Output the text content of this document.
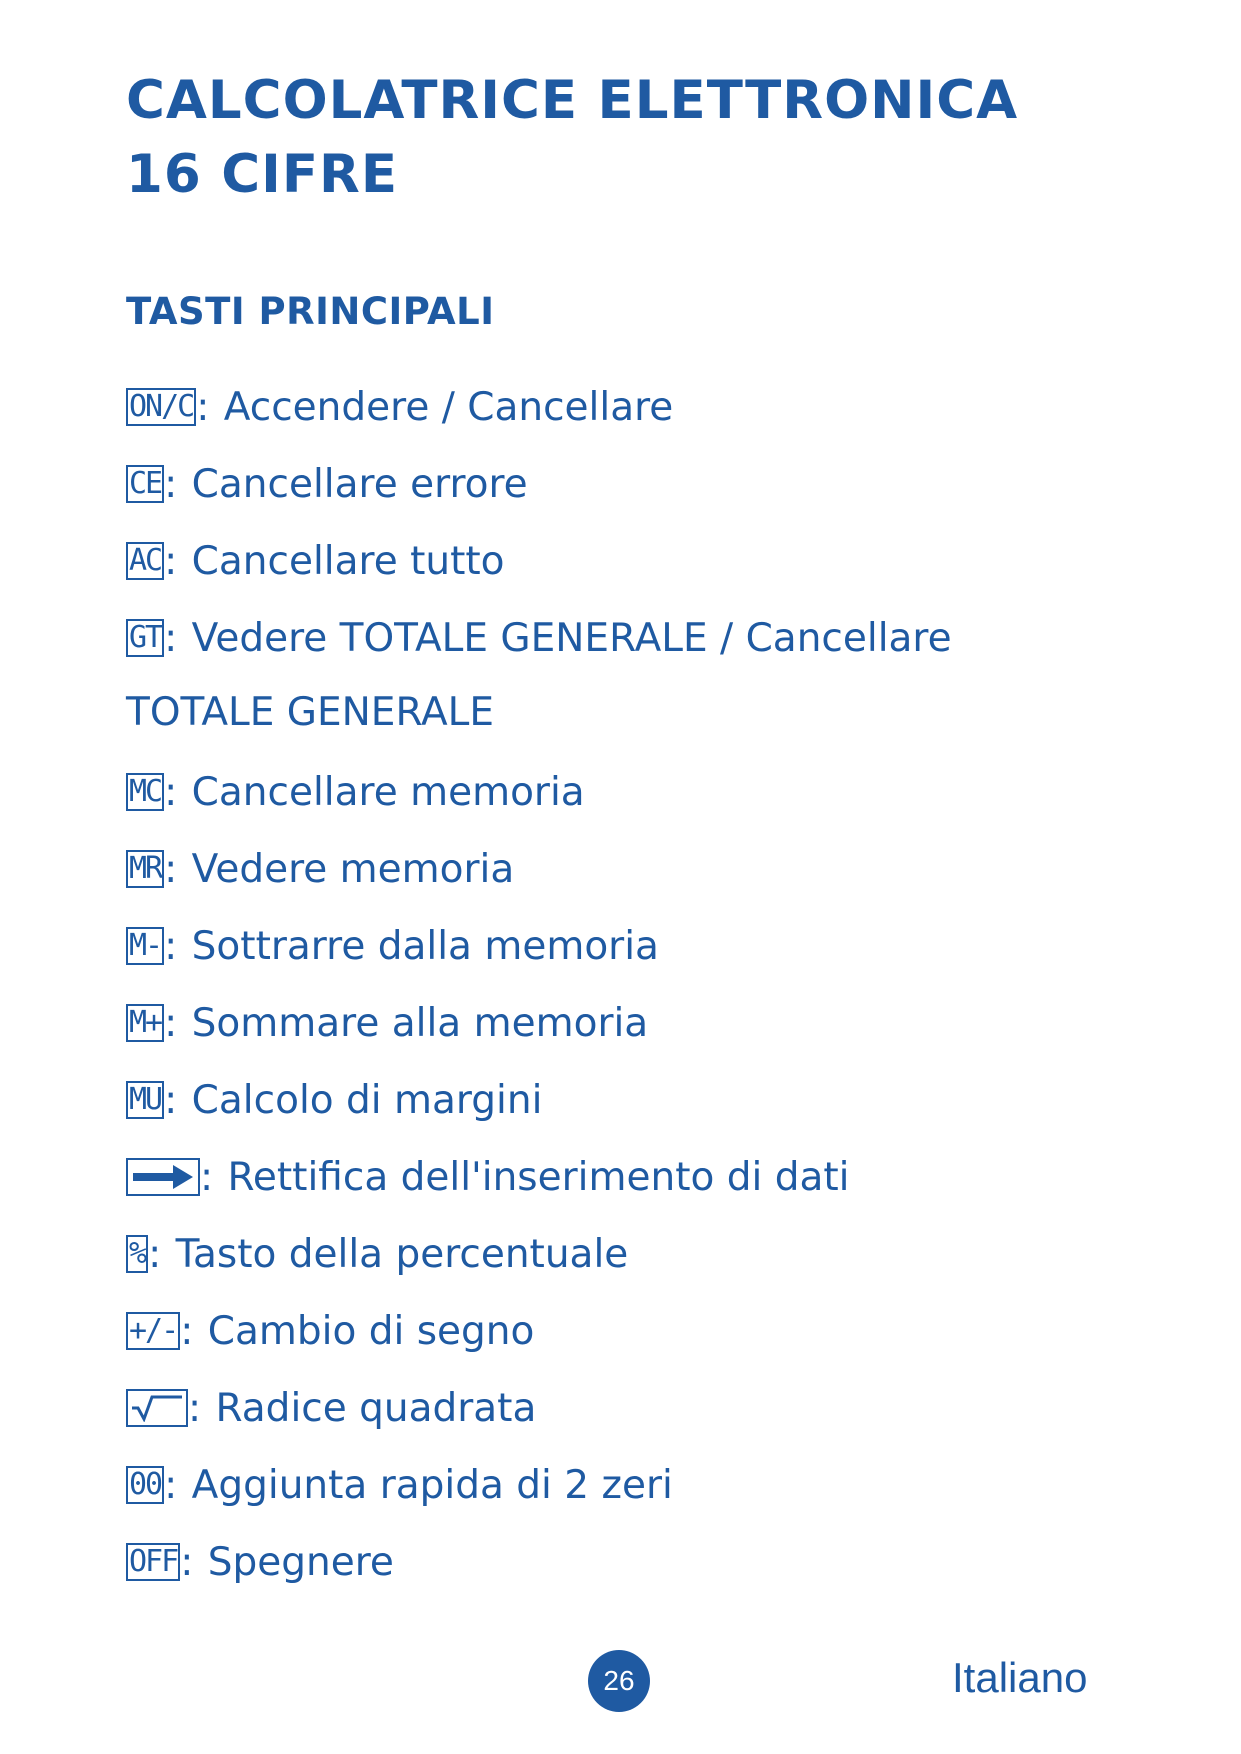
CALCOLATRICE ELETTRONICA
16 CIFRE
TASTI PRINCIPALI
ON/C :
Accendere / Cancellare
CE :
Cancellare errore
AC :
Cancellare tutto
GT :
Vedere TOTALE GENERALE / Cancellare
TOTALE GENERALE
MC :
Cancellare memoria
MR :
Vedere memoria
M- :
Sottrarre dalla memoria
M+ :
Sommare alla memoria
MU :
Calcolo di margini
:
Rettifica dell'inserimento di dati
% :
Tasto della percentuale
+/- :
Cambio di segno
:
Radice quadrata
00 :
Aggiunta rapida di 2 zeri
OFF :
Spegnere
26	Italiano
